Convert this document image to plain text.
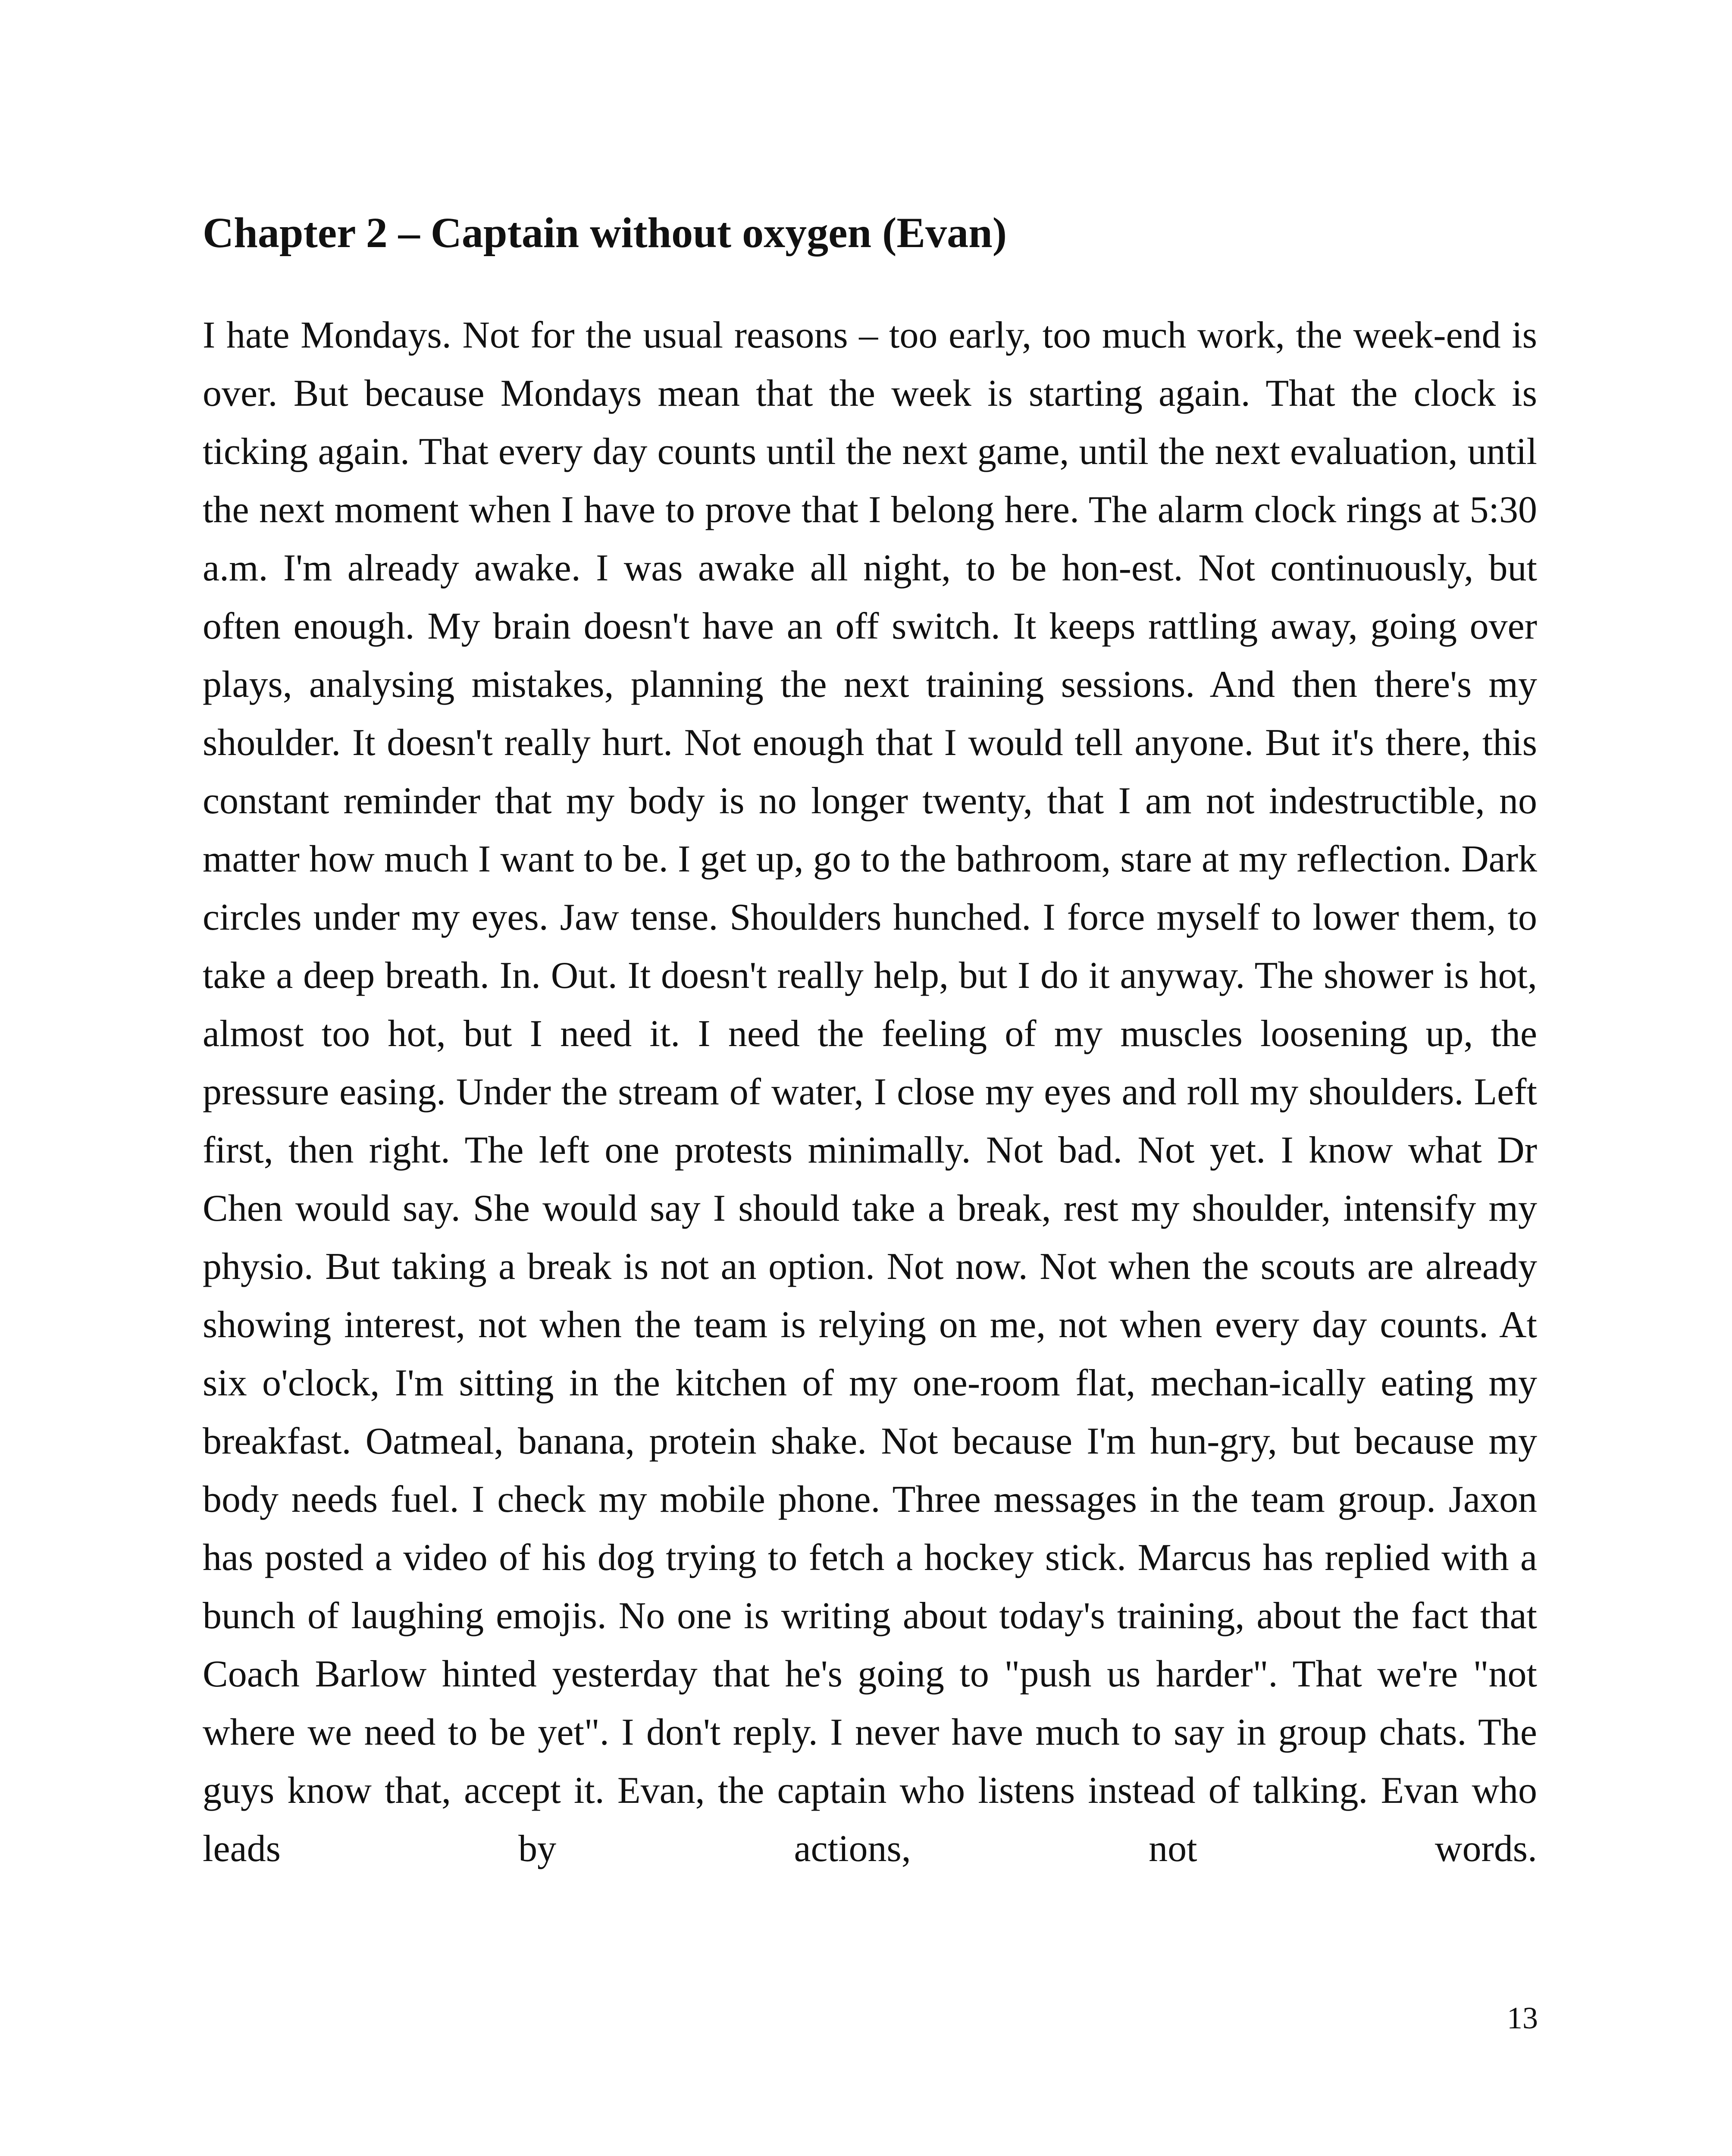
Chapter 2 – Captain without oxygen (Evan)

I hate Mondays. Not for the usual reasons – too early, too much work, the week-end is over. But because Mondays mean that the week is starting again. That the clock is ticking again. That every day counts until the next game, until the next evaluation, until the next moment when I have to prove that I belong here. The alarm clock rings at 5:30 a.m. I'm already awake. I was awake all night, to be hon-est. Not continuously, but often enough. My brain doesn't have an off switch. It keeps rattling away, going over plays, analysing mistakes, planning the next training sessions. And then there's my shoulder. It doesn't really hurt. Not enough that I would tell anyone. But it's there, this constant reminder that my body is no longer twenty, that I am not indestructible, no matter how much I want to be. I get up, go to the bathroom, stare at my reflection. Dark circles under my eyes. Jaw tense. Shoulders hunched. I force myself to lower them, to take a deep breath. In. Out. It doesn't really help, but I do it anyway. The shower is hot, almost too hot, but I need it. I need the feeling of my muscles loosening up, the pressure easing. Under the stream of water, I close my eyes and roll my shoulders. Left first, then right. The left one protests minimally. Not bad. Not yet. I know what Dr Chen would say. She would say I should take a break, rest my shoulder, intensify my physio. But taking a break is not an option. Not now. Not when the scouts are already showing interest, not when the team is relying on me, not when every day counts. At six o'clock, I'm sitting in the kitchen of my one-room flat, mechan-ically eating my breakfast. Oatmeal, banana, protein shake. Not because I'm hun-gry, but because my body needs fuel. I check my mobile phone. Three messages in the team group. Jaxon has posted a video of his dog trying to fetch a hockey stick. Marcus has replied with a bunch of laughing emojis. No one is writing about today's training, about the fact that Coach Barlow hinted yesterday that he's going to "push us harder". That we're "not where we need to be yet". I don't reply. I never have much to say in group chats. The guys know that, accept it. Evan, the captain who listens instead of talking. Evan who leads by actions, not words.

13
